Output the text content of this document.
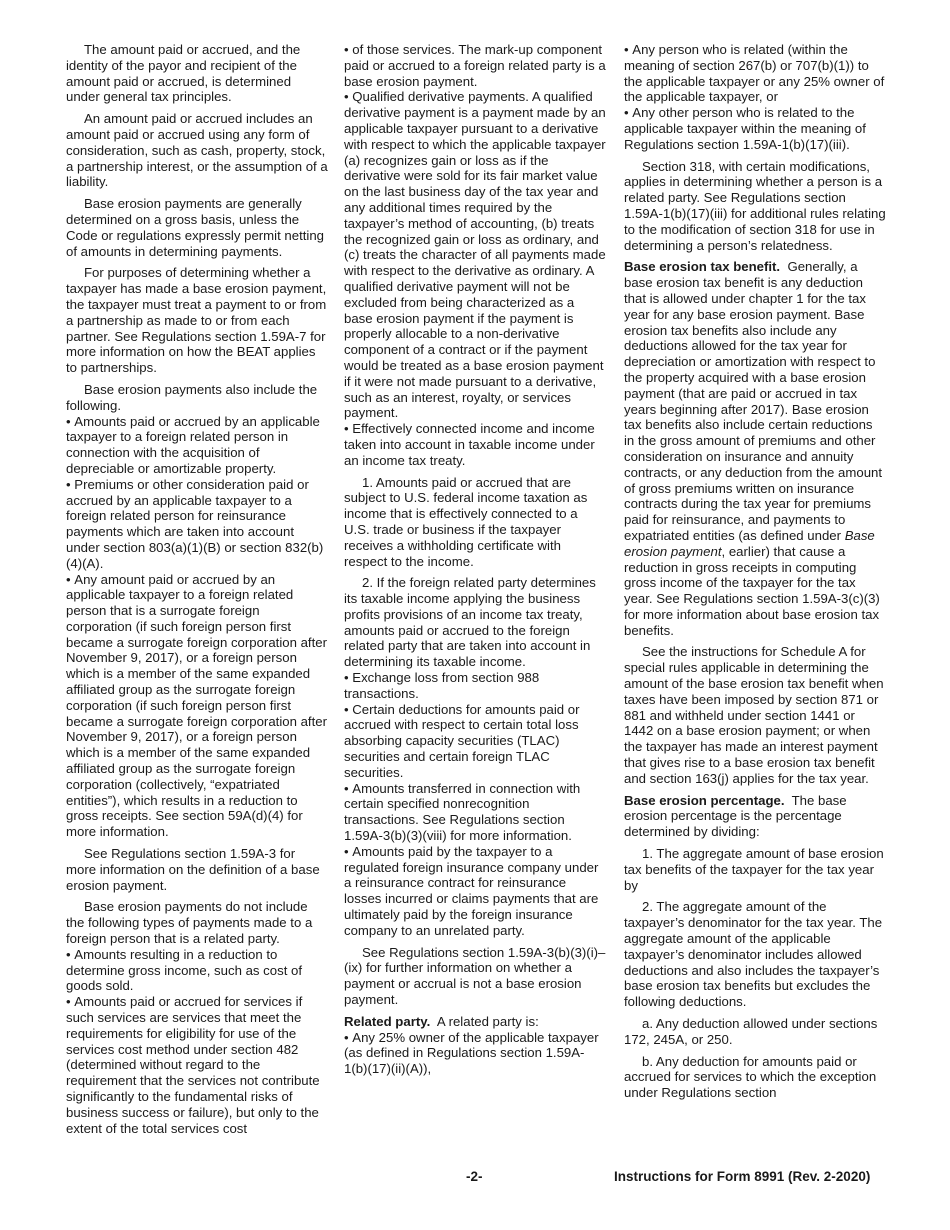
The amount paid or accrued, and the identity of the payor and recipient of the amount paid or accrued, is determined under general tax principles.

An amount paid or accrued includes an amount paid or accrued using any form of consideration, such as cash, property, stock, a partnership interest, or the assumption of a liability.

Base erosion payments are generally determined on a gross basis, unless the Code or regulations expressly permit netting of amounts in determining payments.

For purposes of determining whether a taxpayer has made a base erosion payment, the taxpayer must treat a payment to or from a partnership as made to or from each partner. See Regulations section 1.59A-7 for more information on how the BEAT applies to partnerships.

Base erosion payments also include the following.

• Amounts paid or accrued by an applicable taxpayer to a foreign related person in connection with the acquisition of depreciable or amortizable property.

• Premiums or other consideration paid or accrued by an applicable taxpayer to a foreign related person for reinsurance payments which are taken into account under section 803(a)(1)(B) or section 832(b)(4)(A).

• Any amount paid or accrued by an applicable taxpayer to a foreign related person that is a surrogate foreign corporation (if such foreign person first became a surrogate foreign corporation after November 9, 2017), or a foreign person which is a member of the same expanded affiliated group as the surrogate foreign corporation (if such foreign person first became a surrogate foreign corporation after November 9, 2017), or a foreign person which is a member of the same expanded affiliated group as the surrogate foreign corporation (collectively, “expatriated entities”), which results in a reduction to gross receipts. See section 59A(d)(4) for more information.

See Regulations section 1.59A-3 for more information on the definition of a base erosion payment.

Base erosion payments do not include the following types of payments made to a foreign person that is a related party.

• Amounts resulting in a reduction to determine gross income, such as cost of goods sold.

• Amounts paid or accrued for services if such services are services that meet the requirements for eligibility for use of the services cost method under section 482 (determined without regard to the requirement that the services not contribute significantly to the fundamental risks of business success or failure), but only to the extent of the total services cost

• of those services. The mark-up component paid or accrued to a foreign related party is a base erosion payment.

• Qualified derivative payments. A qualified derivative payment is a payment made by an applicable taxpayer pursuant to a derivative with respect to which the applicable taxpayer (a) recognizes gain or loss as if the derivative were sold for its fair market value on the last business day of the tax year and any additional times required by the taxpayer’s method of accounting, (b) treats the recognized gain or loss as ordinary, and (c) treats the character of all payments made with respect to the derivative as ordinary. A qualified derivative payment will not be excluded from being characterized as a base erosion payment if the payment is properly allocable to a non-derivative component of a contract or if the payment would be treated as a base erosion payment if it were not made pursuant to a derivative, such as an interest, royalty, or services payment.

• Effectively connected income and income taken into account in taxable income under an income tax treaty.

1. Amounts paid or accrued that are subject to U.S. federal income taxation as income that is effectively connected to a U.S. trade or business if the taxpayer receives a withholding certificate with respect to the income.

2. If the foreign related party determines its taxable income applying the business profits provisions of an income tax treaty, amounts paid or accrued to the foreign related party that are taken into account in determining its taxable income.

• Exchange loss from section 988 transactions.

• Certain deductions for amounts paid or accrued with respect to certain total loss absorbing capacity securities (TLAC) securities and certain foreign TLAC securities.

• Amounts transferred in connection with certain specified nonrecognition transactions. See Regulations section 1.59A-3(b)(3)(viii) for more information.

• Amounts paid by the taxpayer to a regulated foreign insurance company under a reinsurance contract for reinsurance losses incurred or claims payments that are ultimately paid by the foreign insurance company to an unrelated party.

See Regulations section 1.59A-3(b)(3)(i)–(ix) for further information on whether a payment or accrual is not a base erosion payment.

Related party. A related party is:

• Any 25% owner of the applicable taxpayer (as defined in Regulations section 1.59A-1(b)(17)(ii)(A)),

• Any person who is related (within the meaning of section 267(b) or 707(b)(1)) to the applicable taxpayer or any 25% owner of the applicable taxpayer, or

• Any other person who is related to the applicable taxpayer within the meaning of Regulations section 1.59A-1(b)(17)(iii).

Section 318, with certain modifications, applies in determining whether a person is a related party. See Regulations section 1.59A-1(b)(17)(iii) for additional rules relating to the modification of section 318 for use in determining a person’s relatedness.

Base erosion tax benefit. Generally, a base erosion tax benefit is any deduction that is allowed under chapter 1 for the tax year for any base erosion payment. Base erosion tax benefits also include any deductions allowed for the tax year for depreciation or amortization with respect to the property acquired with a base erosion payment (that are paid or accrued in tax years beginning after 2017). Base erosion tax benefits also include certain reductions in the gross amount of premiums and other consideration on insurance and annuity contracts, or any deduction from the amount of gross premiums written on insurance contracts during the tax year for premiums paid for reinsurance, and payments to expatriated entities (as defined under Base erosion payment, earlier) that cause a reduction in gross receipts in computing gross income of the taxpayer for the tax year. See Regulations section 1.59A-3(c)(3) for more information about base erosion tax benefits.

See the instructions for Schedule A for special rules applicable in determining the amount of the base erosion tax benefit when taxes have been imposed by section 871 or 881 and withheld under section 1441 or 1442 on a base erosion payment; or when the taxpayer has made an interest payment that gives rise to a base erosion tax benefit and section 163(j) applies for the tax year.

Base erosion percentage. The base erosion percentage is the percentage determined by dividing:

1. The aggregate amount of base erosion tax benefits of the taxpayer for the tax year by

2. The aggregate amount of the taxpayer’s denominator for the tax year. The aggregate amount of the applicable taxpayer’s denominator includes allowed deductions and also includes the taxpayer’s base erosion tax benefits but excludes the following deductions.

a. Any deduction allowed under sections 172, 245A, or 250.

b. Any deduction for amounts paid or accrued for services to which the exception under Regulations section

-2-	Instructions for Form 8991 (Rev. 2-2020)
